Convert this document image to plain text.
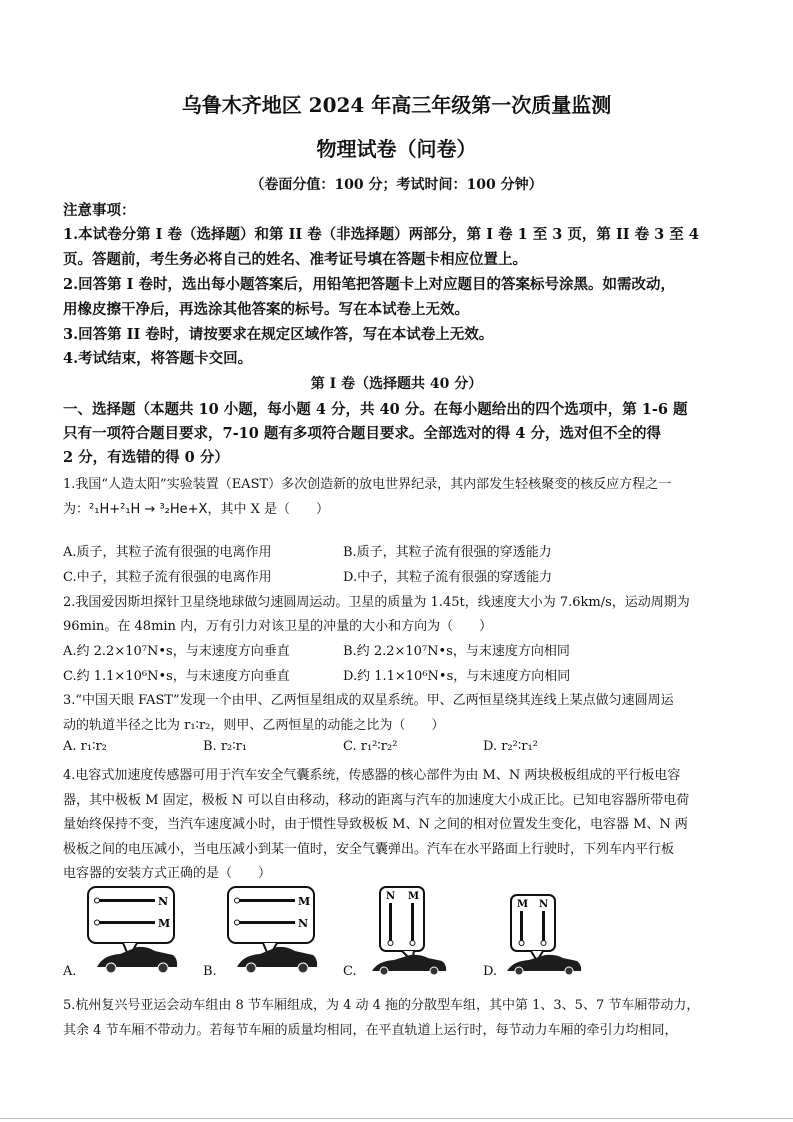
乌鲁木齐地区 2024 年高三年级第一次质量监测
物理试卷（问卷）
（卷面分值：100 分；考试时间：100 分钟）
注意事项：
1.本试卷分第 I 卷（选择题）和第 II 卷（非选择题）两部分，第 I 卷 1 至 3 页，第 II 卷 3 至 4
页。答题前，考生务必将自己的姓名、准考证号填在答题卡相应位置上。
2.回答第 I 卷时，选出每小题答案后，用铅笔把答题卡上对应题目的答案标号涂黑。如需改动，
用橡皮擦干净后，再选涂其他答案的标号。写在本试卷上无效。
3.回答第 II 卷时，请按要求在规定区域作答，写在本试卷上无效。
4.考试结束，将答题卡交回。
第 I 卷（选择题共 40 分）
一、选择题（本题共 10 小题，每小题 4 分，共 40 分。在每小题给出的四个选项中，第 1-6 题
只有一项符合题目要求，7-10 题有多项符合题目要求。全部选对的得 4 分，选对但不全的得
2 分，有选错的得 0 分）
1.我国“人造太阳”实验装置（EAST）多次创造新的放电世界纪录，其内部发生轻核聚变的核反应方程之一
为：²₁H+²₁H → ³₂He+X，其中 X 是（　　）
A.质子，其粒子流有很强的电离作用	B.质子，其粒子流有很强的穿透能力
C.中子，其粒子流有很强的电离作用	D.中子，其粒子流有很强的穿透能力
2.我国爱因斯坦探针卫星绕地球做匀速圆周运动。卫星的质量为 1.45t，线速度大小为 7.6km/s，运动周期为
96min。在 48min 内，万有引力对该卫星的冲量的大小和方向为（　　）
A.约 2.2×10⁷N•s，与末速度方向垂直	B.约 2.2×10⁷N•s，与末速度方向相同
C.约 1.1×10⁶N•s，与末速度方向垂直	D.约 1.1×10⁶N•s，与末速度方向相同
3.“中国天眼 FAST”发现一个由甲、乙两恒星组成的双星系统。甲、乙两恒星绕其连线上某点做匀速圆周运
动的轨道半径之比为 r₁∶r₂，则甲、乙两恒星的动能之比为（　　）
A. r₁∶r₂	B. r₂∶r₁	C. r₁²∶r₂²	D. r₂²∶r₁²
4.电容式加速度传感器可用于汽车安全气囊系统，传感器的核心部件为由 M、N 两块极板组成的平行板电容
器，其中极板 M 固定，极板 N 可以自由移动，移动的距离与汽车的加速度大小成正比。已知电容器所带电荷
量始终保持不变，当汽车速度减小时，由于惯性导致极板 M、N 之间的相对位置发生变化，电容器 M、N 两
极板之间的电压减小，当电压减小到某一值时，安全气囊弹出。汽车在水平路面上行驶时，下列车内平行板
电容器的安装方式正确的是（　　）
N
M
A.
M
N
B.
N M
C.
M N
D.
5.杭州复兴号亚运会动车组由 8 节车厢组成，为 4 动 4 拖的分散型车组，其中第 1、3、5、7 节车厢带动力，
其余 4 节车厢不带动力。若每节车厢的质量均相同，在平直轨道上运行时，每节动力车厢的牵引力均相同，
